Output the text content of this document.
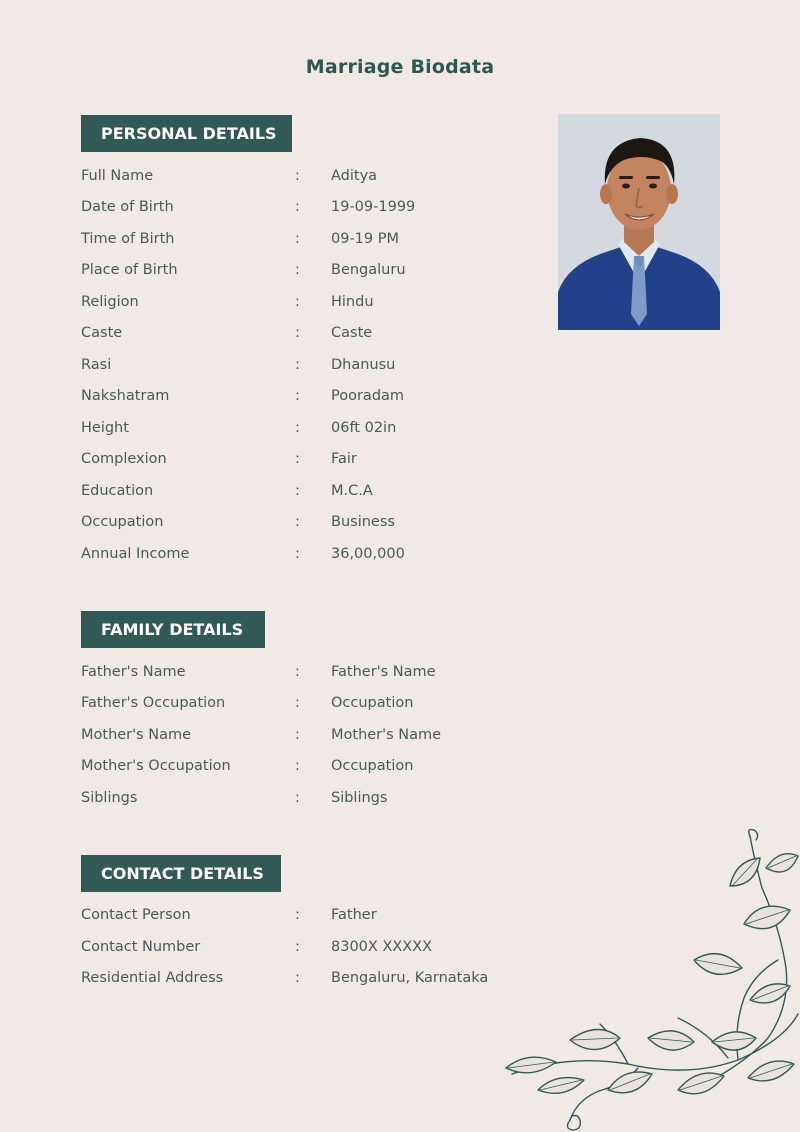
Marriage Biodata
PERSONAL DETAILS
Full Name	: Aditya
Date of Birth	: 19-09-1999
Time of Birth	: 09-19 PM
Place of Birth	: Bengaluru
Religion	: Hindu
Caste	: Caste
Rasi	: Dhanusu
Nakshatram	: Pooradam
Height	: 06ft 02in
Complexion	: Fair
Education	: M.C.A
Occupation	: Business
Annual Income	: 36,00,000
FAMILY DETAILS
Father's Name	: Father's Name
Father's Occupation	: Occupation
Mother's Name	: Mother's Name
Mother's Occupation	: Occupation
Siblings	: Siblings
CONTACT DETAILS
Contact Person	: Father
Contact Number	: 8300X XXXXX
Residential Address	: Bengaluru, Karnataka
